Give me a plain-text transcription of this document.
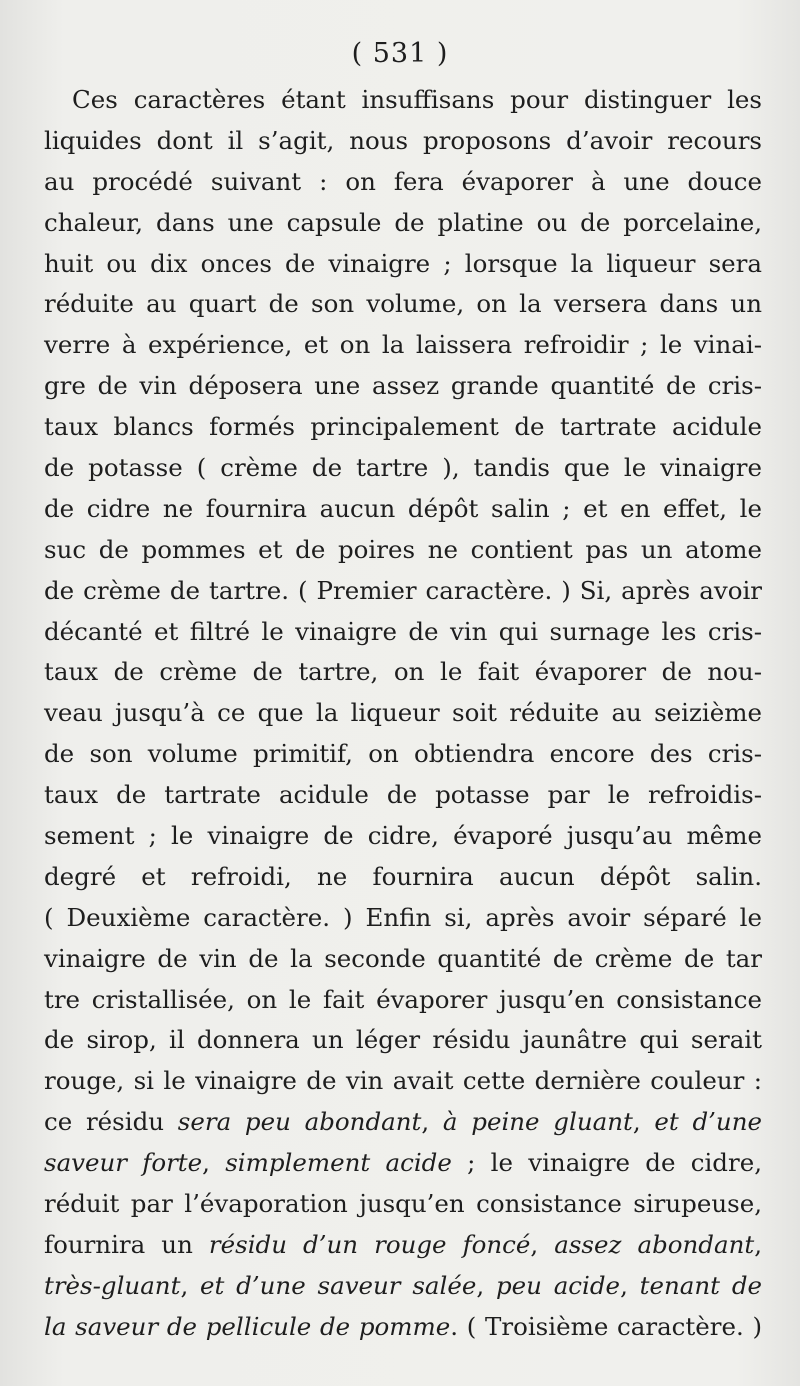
( 531 )
Ces caractères étant insuffisans pour distinguer les
liquides dont il s’agit, nous proposons d’avoir recours
au procédé suivant : on fera évaporer à une douce
chaleur, dans une capsule de platine ou de porcelaine,
huit ou dix onces de vinaigre ; lorsque la liqueur sera
réduite au quart de son volume, on la versera dans un
verre à expérience, et on la laissera refroidir ; le vinai-
gre de vin déposera une assez grande quantité de cris-
taux blancs formés principalement de tartrate acidule
de potasse ( crème de tartre ), tandis que le vinaigre
de cidre ne fournira aucun dépôt salin ; et en effet, le
suc de pommes et de poires ne contient pas un atome
de crème de tartre. ( Premier caractère. ) Si, après avoir
décanté et filtré le vinaigre de vin qui surnage les cris-
taux de crème de tartre, on le fait évaporer de nou-
veau jusqu’à ce que la liqueur soit réduite au seizième
de son volume primitif, on obtiendra encore des cris-
taux de tartrate acidule de potasse par le refroidis-
sement ; le vinaigre de cidre, évaporé jusqu’au même
degré et refroidi, ne fournira aucun dépôt salin.
( Deuxième caractère. ) Enfin si, après avoir séparé le
vinaigre de vin de la seconde quantité de crème de tar
tre cristallisée, on le fait évaporer jusqu’en consistance
de sirop, il donnera un léger résidu jaunâtre qui serait
rouge, si le vinaigre de vin avait cette dernière couleur :
ce résidu sera peu abondant, à peine gluant, et d’une
saveur forte, simplement acide ; le vinaigre de cidre,
réduit par l’évaporation jusqu’en consistance sirupeuse,
fournira un résidu d’un rouge foncé, assez abondant,
très-gluant, et d’une saveur salée, peu acide, tenant de
la saveur de pellicule de pomme. ( Troisième caractère. )
